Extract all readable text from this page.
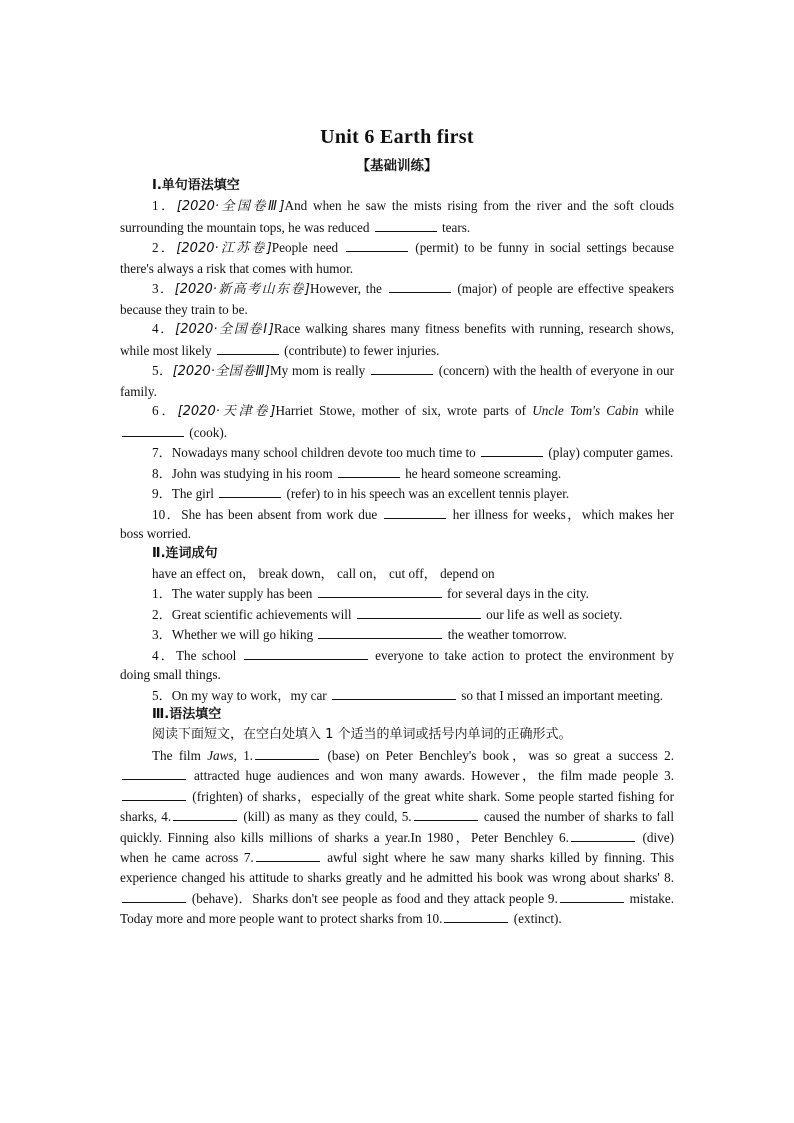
Unit 6 Earth first
【基础训练】
Ⅰ.单句语法填空

1．[2020·全国卷Ⅲ]And when he saw the mists rising from the river and the soft clouds surrounding the mountain tops, he was reduced	tears.

2．[2020·江苏卷]People need	(permit) to be funny in social settings because there's always a risk that comes with humor.

3．[2020·新高考山东卷]However, the	(major) of people are effective speakers because they train to be.

4．[2020·全国卷Ⅰ]Race walking shares many fitness benefits with running, research shows, while most likely	(contribute) to fewer injuries.

5．[2020·全国卷Ⅲ]My mom is really	(concern) with the health of everyone in our family.

6．[2020·天津卷]Harriet Stowe, mother of six, wrote parts of Uncle Tom's Cabin while  (cook).

7．Nowadays many school children devote too much time to	(play) computer games.

8．John was studying in his room	he heard someone screaming.

9．The girl	(refer) to in his speech was an excellent tennis player.

10．She has been absent from work due	her illness for weeks，which makes her boss worried.

Ⅱ.连词成句
have an effect on， break down， call on， cut off， depend on

1．The water supply has been	for several days in the city.

2．Great scientific achievements will	our life as well as society.

3．Whether we will go hiking	the weather tomorrow.

4．The school	everyone to take action to protect the environment by doing small things.

5．On my way to work，my car	so that I missed an important meeting.

Ⅲ.语法填空
阅读下面短文，在空白处填入 1 个适当的单词或括号内单词的正确形式。

The film Jaws, 1.	(base) on Peter Benchley's book，was so great a success 2. attracted huge audiences and won many awards. However，the film made people 3. (frighten) of sharks，especially of the great white shark. Some people started fishing for sharks, 4.	(kill) as many as they could, 5.	caused the number of sharks to fall quickly. Finning also kills millions of sharks a year.In 1980，Peter Benchley 6.	(dive) when he came across 7.	awful sight where he saw many sharks killed by finning. This experience changed his attitude to sharks greatly and he admitted his book was wrong about sharks' 8. (behave)．Sharks don't see people as food and they attack people 9.	mistake. Today more and more people want to protect sharks from 10.	(extinct).
